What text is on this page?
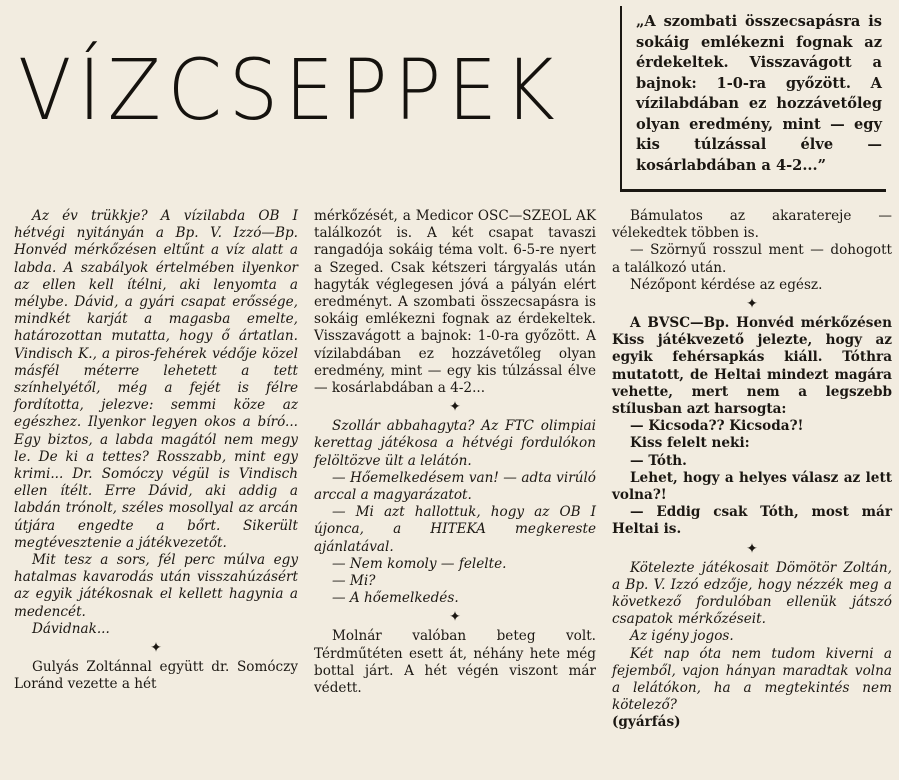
VÍZCSEPPEK

„A szombati összecsapásra is sokáig emlékezni fognak az érdekeltek. Visszavágott a bajnok: 1-0-ra győzött. A vízilabdában ez hozzávetőleg olyan eredmény, mint — egy kis túlzással élve — kosárlabdában a 4-2...”

Az év trükkje? A vízilabda OB I hétvégi nyitányán a Bp. V. Izzó—Bp. Honvéd mérkőzésen eltűnt a víz alatt a labda. A szabályok értelmében ilyenkor az ellen kell ítélni, aki lenyomta a mélybe. Dávid, a gyári csapat erőssége, mindkét karját a magasba emelte, határozottan mutatta, hogy ő ártatlan. Vindisch K., a piros-fehérek védője közel másfél méterre lehetett a tett színhelyétől, még a fejét is félre fordította, jelezve: semmi köze az egészhez. Ilyenkor legyen okos a bíró... Egy biztos, a labda magától nem megy le. De ki a tettes? Rosszabb, mint egy krimi... Dr. Somóczy végül is Vindisch ellen ítélt. Erre Dávid, aki addig a labdán trónolt, széles mosollyal az arcán útjára engedte a bőrt. Sikerült megtévesztenie a játékvezetőt.

Mit tesz a sors, fél perc múlva egy hatalmas kavarodás után visszahúzásért az egyik játékosnak el kellett hagynia a medencét.

Dávidnak...

✦

Gulyás Zoltánnal együtt dr. Somóczy Loránd vezette a hét

mérkőzését, a Medicor OSC—SZEOL AK találkozót is. A két csapat tavaszi rangadója sokáig téma volt. 6-5-re nyert a Szeged. Csak kétszeri tárgyalás után hagyták véglegesen jóvá a pályán elért eredményt. A szombati összecsapásra is sokáig emlékezni fognak az érdekeltek. Visszavágott a bajnok: 1-0-ra győzött. A vízilabdában ez hozzávetőleg olyan eredmény, mint — egy kis túlzással élve — kosárlabdában a 4-2...

✦

Szollár abbahagyta? Az FTC olimpiai kerettag játékosa a hétvégi fordulókon felöltözve ült a lelátón.

— Hőemelkedésem van! — adta virúló arccal a magyarázatot.

— Mi azt hallottuk, hogy az OB I újonca, a HITEKA megkereste ajánlatával.

— Nem komoly — felelte.

— Mi?

— A hőemelkedés.

✦

Molnár valóban beteg volt. Térdműtéten esett át, néhány hete még bottal járt. A hét végén viszont már védett.

Bámulatos az akaratereje — vélekedtek többen is.

— Szörnyű rosszul ment — dohogott a találkozó után.

Nézőpont kérdése az egész.

✦

A BVSC—Bp. Honvéd mérkőzésen Kiss játékvezető jelezte, hogy az egyik fehérsapkás kiáll. Tóthra mutatott, de Heltai mindezt magára vehette, mert nem a legszebb stílusban azt harsogta:

— Kicsoda?? Kicsoda?!

Kiss felelt neki:

— Tóth.

Lehet, hogy a helyes válasz az lett volna?!

— Eddig csak Tóth, most már Heltai is.

✦

Kötelezte játékosait Dömötör Zoltán, a Bp. V. Izzó edzője, hogy nézzék meg a következő fordulóban ellenük játszó csapatok mérkőzéseit.

Az igény jogos.

Két nap óta nem tudom kiverni a fejemből, vajon hányan maradtak volna a lelátókon, ha a megtekintés nem kötelező?

(gyárfás)
